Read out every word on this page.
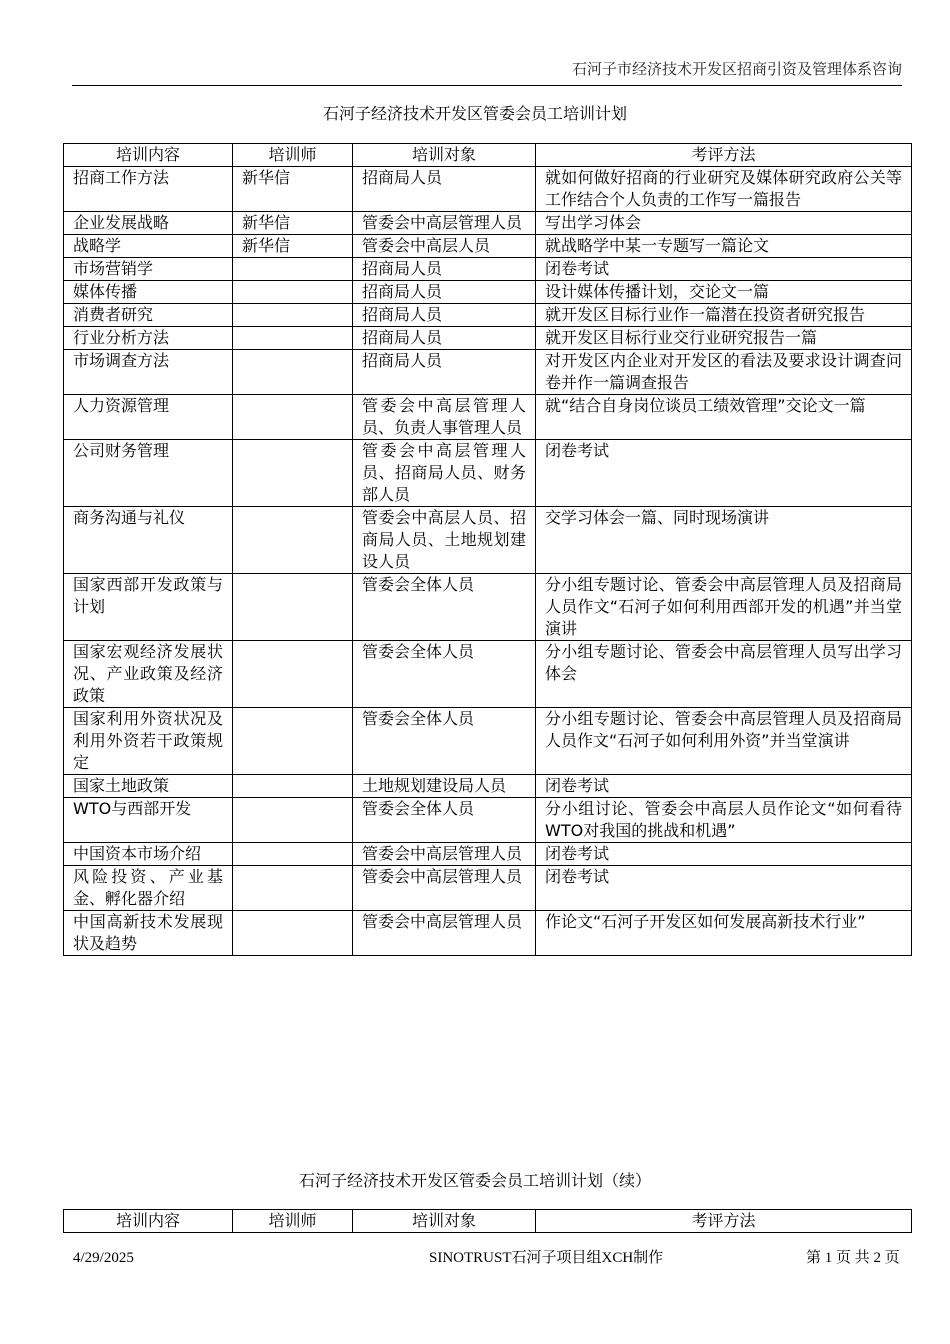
石河子市经济技术开发区招商引资及管理体系咨询
石河子经济技术开发区管委会员工培训计划
培训内容	培训师	培训对象	考评方法
招商工作方法	新华信	招商局人员	就如何做好招商的行业研究及媒体研究政府公关等工作结合个人负责的工作写一篇报告
企业发展战略	新华信	管委会中高层管理人员	写出学习体会
战略学	新华信	管委会中高层人员	就战略学中某一专题写一篇论文
市场营销学		招商局人员	闭卷考试
媒体传播		招商局人员	设计媒体传播计划，交论文一篇
消费者研究		招商局人员	就开发区目标行业作一篇潜在投资者研究报告
行业分析方法		招商局人员	就开发区目标行业交行业研究报告一篇
市场调查方法		招商局人员	对开发区内企业对开发区的看法及要求设计调查问卷并作一篇调查报告
人力资源管理		管委会中高层管理人员、负责人事管理人员	就“结合自身岗位谈员工绩效管理”交论文一篇
公司财务管理		管委会中高层管理人员、招商局人员、财务部人员	闭卷考试
商务沟通与礼仪		管委会中高层人员、招商局人员、土地规划建设人员	交学习体会一篇、同时现场演讲
国家西部开发政策与计划		管委会全体人员	分小组专题讨论、管委会中高层管理人员及招商局人员作文“石河子如何利用西部开发的机遇”并当堂演讲
国家宏观经济发展状况、产业政策及经济政策		管委会全体人员	分小组专题讨论、管委会中高层管理人员写出学习体会
国家利用外资状况及利用外资若干政策规定		管委会全体人员	分小组专题讨论、管委会中高层管理人员及招商局人员作文“石河子如何利用外资”并当堂演讲
国家土地政策		土地规划建设局人员	闭卷考试
WTO与西部开发		管委会全体人员	分小组讨论、管委会中高层人员作论文“如何看待WTO对我国的挑战和机遇”
中国资本市场介绍		管委会中高层管理人员	闭卷考试
风险投资、产业基金、孵化器介绍		管委会中高层管理人员	闭卷考试
中国高新技术发展现状及趋势		管委会中高层管理人员	作论文“石河子开发区如何发展高新技术行业”
石河子经济技术开发区管委会员工培训计划（续）
培训内容	培训师	培训对象	考评方法
4/29/2025	SINOTRUST石河子项目组XCH制作	第 1 页 共 2 页
